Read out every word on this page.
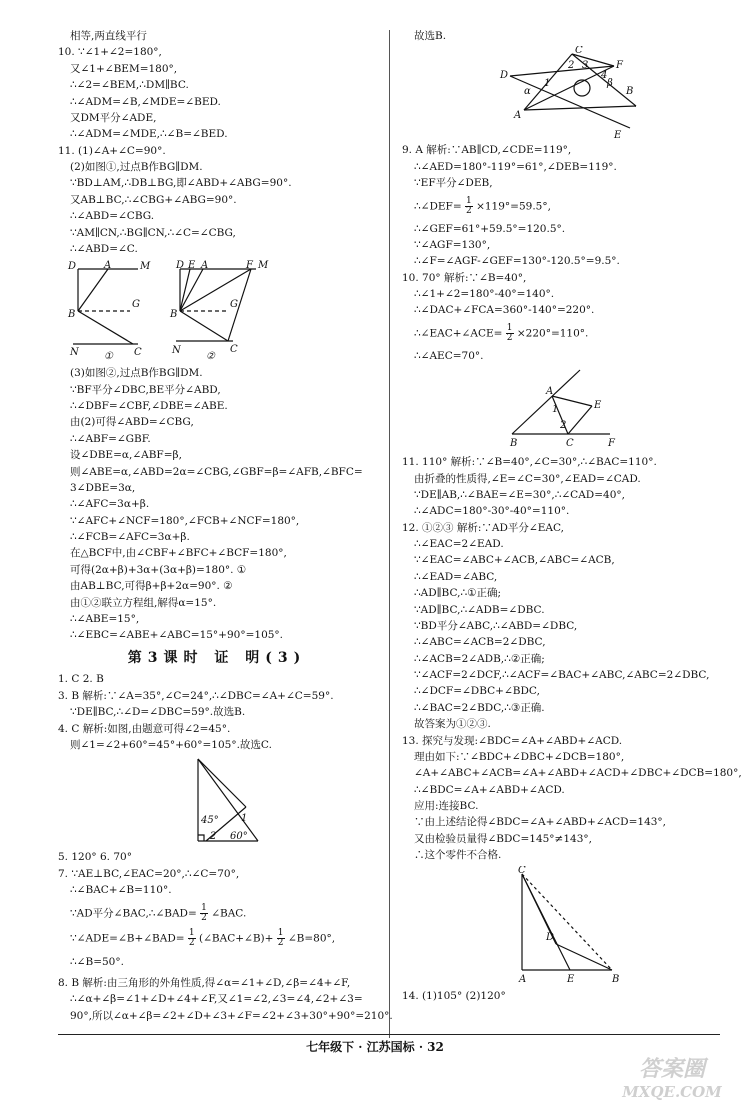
相等,两直线平行
10. ∵∠1+∠2=180°,
又∠1+∠BEM=180°,
∴∠2=∠BEM,∴DM∥BC.
∴∠ADM=∠B,∠MDE=∠BED.
又DM平分∠ADE,
∴∠ADM=∠MDE,∴∠B=∠BED.
11. (1)∠A+∠C=90°.
(2)如图①,过点B作BG∥DM.
∵BD⊥AM,∴DB⊥BG,即∠ABD+∠ABG=90°.
又AB⊥BC,∴∠CBG+∠ABG=90°.
∴∠ABD=∠CBG.
∵AM∥CN,∴BG∥CN,∴∠C=∠CBG,
∴∠ABD=∠C.
D	A	M
G
B
N	C
①
D E A	F M
G
B
N	C
②
(3)如图②,过点B作BG∥DM.
∵BF平分∠DBC,BE平分∠ABD,
∴∠DBF=∠CBF,∠DBE=∠ABE.
由(2)可得∠ABD=∠CBG,
∴∠ABF=∠GBF.
设∠DBE=α,∠ABF=β,
则∠ABE=α,∠ABD=2α=∠CBG,∠GBF=β=∠AFB,∠BFC=
3∠DBE=3α,
∴∠AFC=3α+β.
∵∠AFC+∠NCF=180°,∠FCB+∠NCF=180°,
∴∠FCB=∠AFC=3α+β.
在△BCF中,由∠CBF+∠BFC+∠BCF=180°,
可得(2α+β)+3α+(3α+β)=180°. ①
由AB⊥BC,可得β+β+2α=90°. ②
由①②联立方程组,解得α=15°.
∴∠ABE=15°,
∴∠EBC=∠ABE+∠ABC=15°+90°=105°.
第3课时 证 明(3)
1. C 2. B
3. B 解析:∵∠A=35°,∠C=24°,∴∠DBC=∠A+∠C=59°.
∵DE∥BC,∴∠D=∠DBC=59°.故选B.
4. C 解析:如图,由题意可得∠2=45°.
则∠1=∠2+60°=45°+60°=105°.故选C.
45°
60°
1
2
5. 120° 6. 70°
7. ∵AE⊥BC,∠EAC=20°,∴∠C=70°,
∴∠BAC+∠B=110°.
∵AD平分∠BAC,∴∠BAD= $\frac{1}{2}$ ∠BAC.
∵∠ADE=∠B+∠BAD= $\frac{1}{2}$ (∠BAC+∠B)+ $\frac{1}{2}$ ∠B=80°,
∴∠B=50°.
8. B 解析:由三角形的外角性质,得∠α=∠1+∠D,∠β=∠4+∠F,
∴∠α+∠β=∠1+∠D+∠4+∠F,又∠1=∠2,∠3=∠4,∠2+∠3=
90°,所以∠α+∠β=∠2+∠D+∠3+∠F=∠2+∠3+30°+90°=210°.
故选B.
C
D
F
A
B
E
α
β
1
2 3
4
9. A 解析:∵AB∥CD,∠CDE=119°,
∴∠AED=180°-119°=61°,∠DEB=119°.
∵EF平分∠DEB,
∴∠DEF= $\frac{1}{2} \times 119^\circ=59.5^\circ$,
∴∠GEF=61°+59.5°=120.5°.
∵∠AGF=130°,
∴∠F=∠AGF-∠GEF=130°-120.5°=9.5°.
10. 70° 解析:∵∠B=40°,
∴∠1+∠2=180°-40°=140°.
∴∠DAC+∠FCA=360°-140°=220°.
∴∠EAC+∠ACE= $\frac{1}{2} \times 220^\circ=110^\circ$.
∴∠AEC=70°.
A
B	C
E
F
1
2
11. 110° 解析:∵∠B=40°,∠C=30°,∴∠BAC=110°.
由折叠的性质得,∠E=∠C=30°,∠EAD=∠CAD.
∵DE∥AB,∴∠BAE=∠E=30°,∴∠CAD=40°,
∴∠ADC=180°-30°-40°=110°.
12. ①②③ 解析:∵AD平分∠EAC,
∴∠EAC=2∠EAD.
∵∠EAC=∠ABC+∠ACB,∠ABC=∠ACB,
∴∠EAD=∠ABC,
∴AD∥BC,∴①正确;
∵AD∥BC,∴∠ADB=∠DBC.
∵BD平分∠ABC,∴∠ABD=∠DBC,
∴∠ABC=∠ACB=2∠DBC,
∴∠ACB=2∠ADB,∴②正确;
∵∠ACF=2∠DCF,∴∠ACF=∠BAC+∠ABC,∠ABC=2∠DBC,
∴∠DCF=∠DBC+∠BDC,
∴∠BAC=2∠BDC,∴③正确.
故答案为①②③.
13. 探究与发现:∠BDC=∠A+∠ABD+∠ACD.
理由如下:∵∠BDC+∠DBC+∠DCB=180°,
∠A+∠ABC+∠ACB=∠A+∠ABD+∠ACD+∠DBC+∠DCB=180°,
∴∠BDC=∠A+∠ABD+∠ACD.
应用:连接BC.
∵由上述结论得∠BDC=∠A+∠ABD+∠ACD=143°,
又由检验员量得∠BDC=145°≠143°,
∴这个零件不合格.
C
D
A	E	B
14. (1)105° (2)120°
七年级下 · 江苏国标 · 32
答案圈
MXQE.COM
